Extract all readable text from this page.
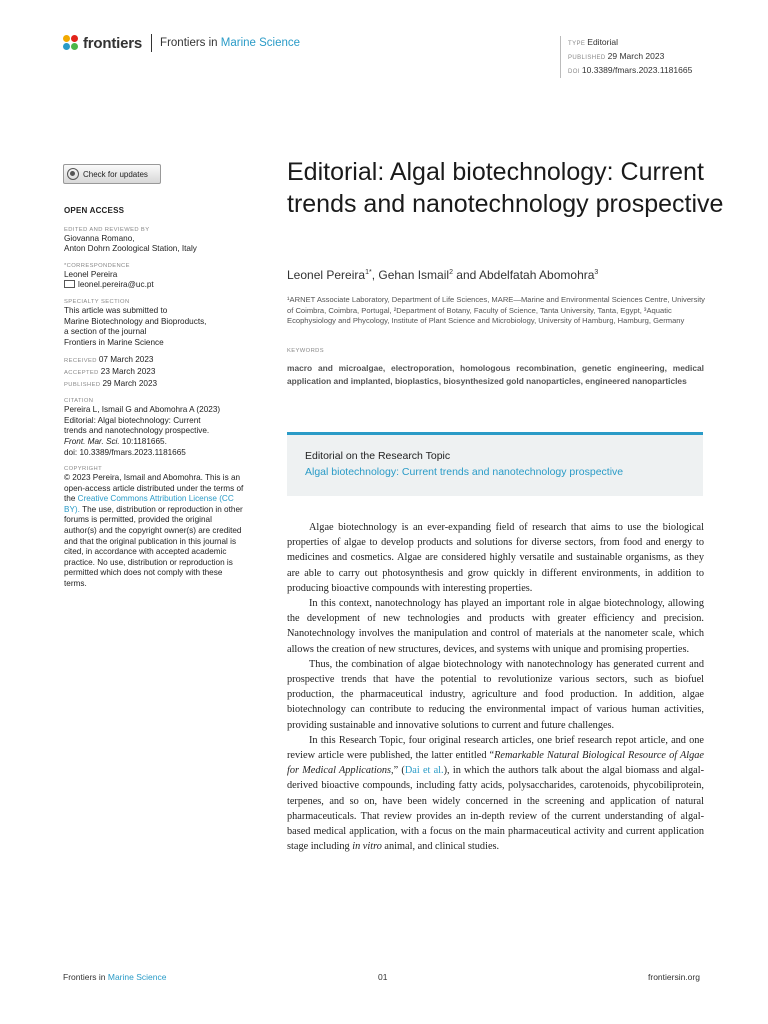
frontiers Frontiers in Marine Science	TYPE Editorial
PUBLISHED 29 March 2023
DOI 10.3389/fmars.2023.1181665
Check for updates
OPEN ACCESS
EDITED AND REVIEWED BY
Giovanna Romano,
Anton Dohrn Zoological Station, Italy
*CORRESPONDENCE
Leonel Pereira
leonel.pereira@uc.pt
SPECIALTY SECTION
This article was submitted to
Marine Biotechnology and Bioproducts,
a section of the journal
Frontiers in Marine Science
RECEIVED 07 March 2023
ACCEPTED 23 March 2023
PUBLISHED 29 March 2023
CITATION
Pereira L, Ismail G and Abomohra A (2023)
Editorial: Algal biotechnology: Current
trends and nanotechnology prospective.
Front. Mar. Sci. 10:1181665.
doi: 10.3389/fmars.2023.1181665
COPYRIGHT
© 2023 Pereira, Ismail and Abomohra. This is an open-access article distributed under the terms of the Creative Commons Attribution License (CC BY). The use, distribution or reproduction in other forums is permitted, provided the original author(s) and the copyright owner(s) are credited and that the original publication in this journal is cited, in accordance with accepted academic practice. No use, distribution or reproduction is permitted which does not comply with these terms.
Editorial: Algal biotechnology: Current trends and nanotechnology prospective
Leonel Pereira$^{1*}$, Gehan Ismail$^2$ and Abdelfatah Abomohra$^3$
¹ARNET Associate Laboratory, Department of Life Sciences, MARE—Marine and Environmental Sciences Centre, University of Coimbra, Coimbra, Portugal, ²Department of Botany, Faculty of Science, Tanta University, Tanta, Egypt, ³Aquatic Ecophysiology and Phycology, Institute of Plant Science and Microbiology, University of Hamburg, Hamburg, Germany
KEYWORDS
macro and microalgae, electroporation, homologous recombination, genetic engineering, medical application and implanted, bioplastics, biosynthesized gold nanoparticles, engineered nanoparticles
Editorial on the Research Topic
Algal biotechnology: Current trends and nanotechnology prospective

Algae biotechnology is an ever-expanding field of research that aims to use the biological properties of algae to develop products and solutions for diverse sectors, from food and energy to medicines and cosmetics. Algae are considered highly versatile and sustainable organisms, as they are able to carry out photosynthesis and grow quickly in different environments, in addition to producing bioactive compounds with interesting properties.

In this context, nanotechnology has played an important role in algae biotechnology, allowing the development of new technologies and products with greater efficiency and precision. Nanotechnology involves the manipulation and control of materials at the nanometer scale, which allows the creation of new structures, devices, and systems with unique and promising properties.

Thus, the combination of algae biotechnology with nanotechnology has generated current and prospective trends that have the potential to revolutionize various sectors, such as biofuel production, the pharmaceutical industry, agriculture and food production. In addition, algae biotechnology can contribute to reducing the environmental impact of various human activities, providing sustainable and innovative solutions to current and future challenges.

In this Research Topic, four original research articles, one brief research repot article, and one review article were published, the latter entitled “Remarkable Natural Biological Resource of Algae for Medical Applications,” (Dai et al.), in which the authors talk about the algal biomass and algal-derived bioactive compounds, including fatty acids, polysaccharides, carotenoids, phycobiliprotein, terpenes, and so on, have been widely concerned in the screening and application of natural pharmaceuticals. That review provides an in-depth review of the current understanding of algal-based medical application, with a focus on the main pharmaceutical activity and current application stage including in vitro animal, and clinical studies.

Frontiers in Marine Science	01	frontiersin.org
